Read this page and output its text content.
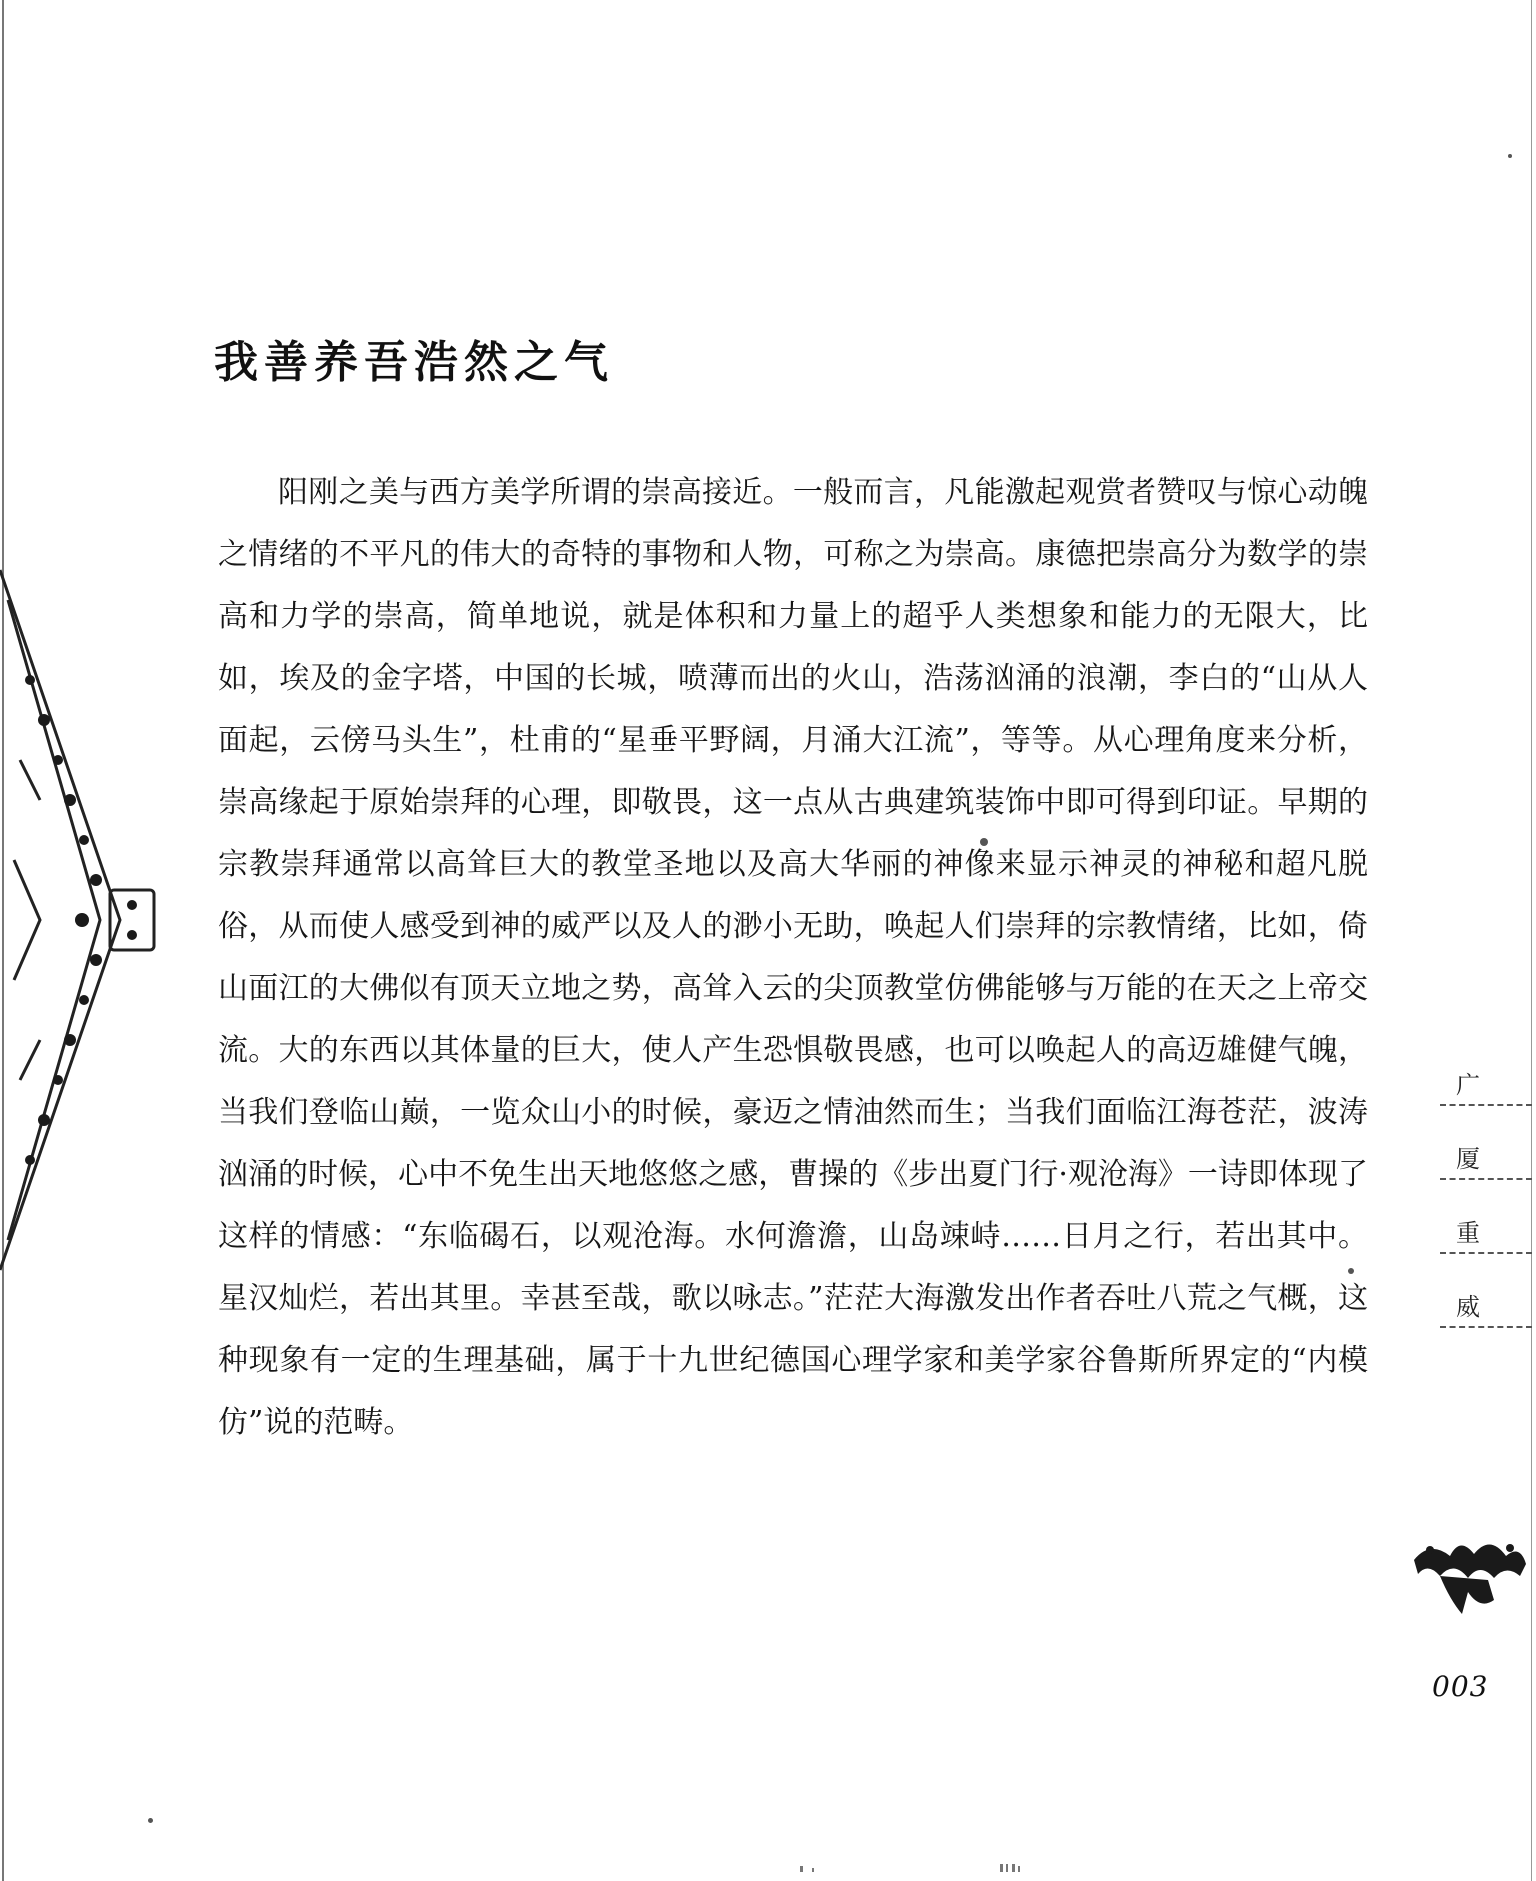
我善养吾浩然之气

阳刚之美与西方美学所谓的崇高接近。一般而言，凡能激起观赏者赞叹与惊心动魄之情绪的不平凡的伟大的奇特的事物和人物，可称之为崇高。康德把崇高分为数学的崇高和力学的崇高，简单地说，就是体积和力量上的超乎人类想象和能力的无限大，比如，埃及的金字塔，中国的长城，喷薄而出的火山，浩荡汹涌的浪潮，李白的“山从人面起，云傍马头生”，杜甫的“星垂平野阔，月涌大江流”，等等。从心理角度来分析，崇高缘起于原始崇拜的心理，即敬畏，这一点从古典建筑装饰中即可得到印证。早期的宗教崇拜通常以高耸巨大的教堂圣地以及高大华丽的神像来显示神灵的神秘和超凡脱俗，从而使人感受到神的威严以及人的渺小无助，唤起人们崇拜的宗教情绪，比如，倚山面江的大佛似有顶天立地之势，高耸入云的尖顶教堂仿佛能够与万能的在天之上帝交流。大的东西以其体量的巨大，使人产生恐惧敬畏感，也可以唤起人的高迈雄健气魄，当我们登临山巅，一览众山小的时候，豪迈之情油然而生；当我们面临江海苍茫，波涛汹涌的时候，心中不免生出天地悠悠之感，曹操的《步出夏门行·观沧海》一诗即体现了这样的情感：“东临碣石，以观沧海。水何澹澹，山岛竦峙……日月之行，若出其中。星汉灿烂，若出其里。幸甚至哉，歌以咏志。”茫茫大海激发出作者吞吐八荒之气概，这种现象有一定的生理基础，属于十九世纪德国心理学家和美学家谷鲁斯所界定的“内模仿”说的范畴。

广
厦
重
威
003
